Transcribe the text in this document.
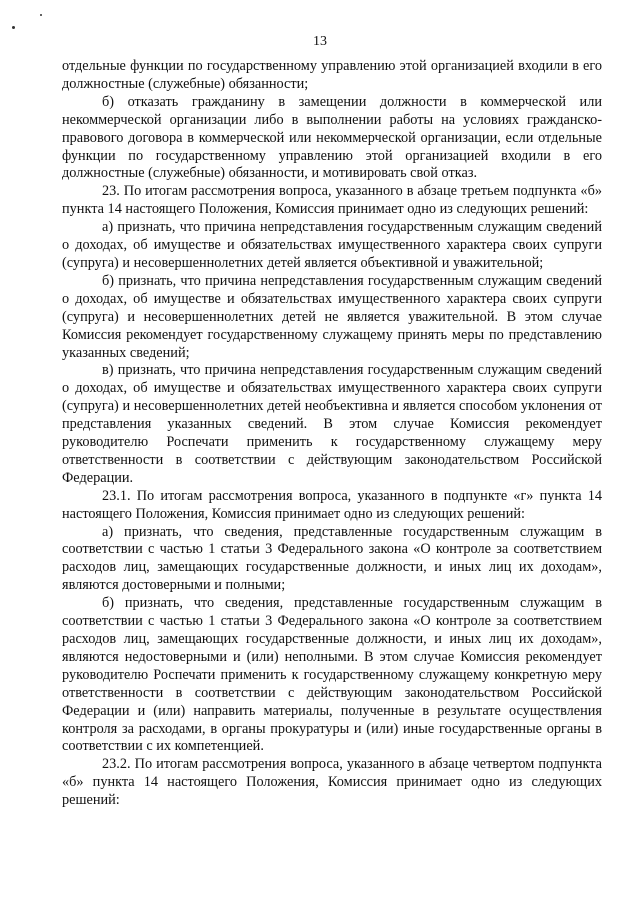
13

отдельные функции по государственному управлению этой организацией входили в его должностные (служебные) обязанности;

б) отказать гражданину в замещении должности в коммерческой или некоммерческой организации либо в выполнении работы на условиях гражданско-правового договора в коммерческой или некоммерческой организации, если отдельные функции по государственному управлению этой организацией входили в его должностные (служебные) обязанности, и мотивировать свой отказ.

23. По итогам рассмотрения вопроса, указанного в абзаце третьем подпункта «б» пункта 14 настоящего Положения, Комиссия принимает одно из следующих решений:

а) признать, что причина непредставления государственным служащим сведений о доходах, об имуществе и обязательствах имущественного характера своих супруги (супруга) и несовершеннолетних детей является объективной и уважительной;

б) признать, что причина непредставления государственным служащим сведений о доходах, об имуществе и обязательствах имущественного характера своих супруги (супруга) и несовершеннолетних детей не является уважительной. В этом случае Комиссия рекомендует государственному служащему принять меры по представлению указанных сведений;

в) признать, что причина непредставления государственным служащим сведений о доходах, об имуществе и обязательствах имущественного характера своих супруги (супруга) и несовершеннолетних детей необъективна и является способом уклонения от представления указанных сведений. В этом случае Комиссия рекомендует руководителю Роспечати применить к государственному служащему меру ответственности в соответствии с действующим законодательством Российской Федерации.

23.1. По итогам рассмотрения вопроса, указанного в подпункте «г» пункта 14 настоящего Положения, Комиссия принимает одно из следующих решений:

а) признать, что сведения, представленные государственным служащим в соответствии с частью 1 статьи 3 Федерального закона «О контроле за соответствием расходов лиц, замещающих государственные должности, и иных лиц их доходам», являются достоверными и полными;

б) признать, что сведения, представленные государственным служащим в соответствии с частью 1 статьи 3 Федерального закона «О контроле за соответствием расходов лиц, замещающих государственные должности, и иных лиц их доходам», являются недостоверными и (или) неполными. В этом случае Комиссия рекомендует руководителю Роспечати применить к государственному служащему конкретную меру ответственности в соответствии с действующим законодательством Российской Федерации и (или) направить материалы, полученные в результате осуществления контроля за расходами, в органы прокуратуры и (или) иные государственные органы в соответствии с их компетенцией.

23.2. По итогам рассмотрения вопроса, указанного в абзаце четвертом подпункта «б» пункта 14 настоящего Положения, Комиссия принимает одно из следующих решений:
